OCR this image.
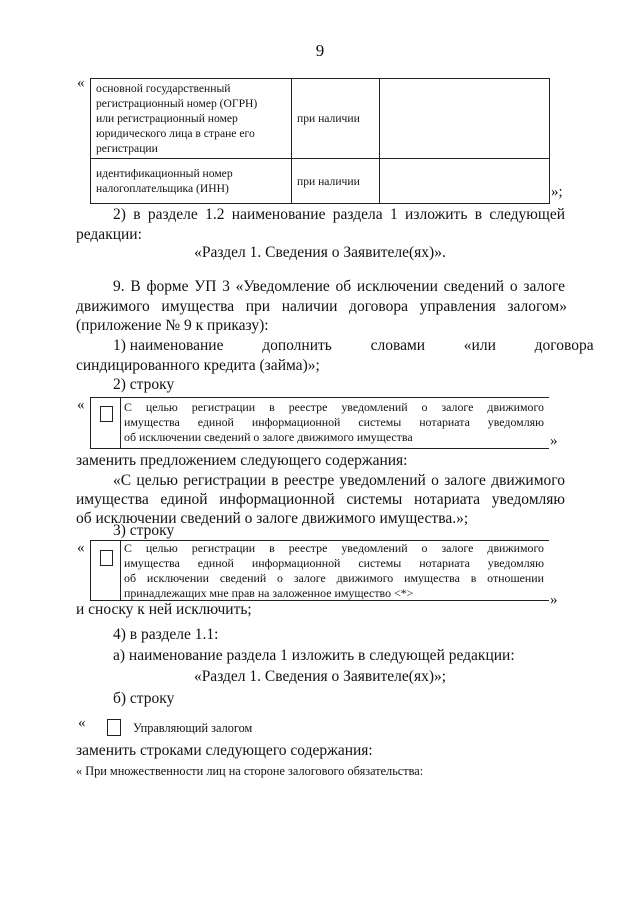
9
« основной государственный
регистрационный номер (ОГРН)
или регистрационный номер
юридического лица в стране его
регистрации	при наличии	

идентификационный номер
налогоплательщика (ИНН)	при наличии	
»;
2) в разделе 1.2 наименование раздела 1 изложить в следующей
редакции:
«Раздел 1. Сведения о Заявителе(ях)».
9. В форме УП 3 «Уведомление об исключении сведений о залоге
движимого   имущества   при   наличии   договора   управления   залогом»
(приложение № 9 к приказу):
1) наименование          дополнить          словами          «или          договора
синдицированного кредита (займа)»;
2) строку
«	С целью регистрации в реестре уведомлений о залоге движимого
имущества единой информационной системы нотариата уведомляю
об исключении сведений о залоге движимого имущества	»
заменить предложением следующего содержания:
«С целью регистрации в реестре уведомлений о залоге движимого
имущества   единой   информационной   системы   нотариата   уведомляю
об исключении сведений о залоге движимого имущества.»;
3) строку
«	С целью регистрации в реестре уведомлений о залоге движимого
имущества единой информационной системы нотариата уведомляю
об исключении сведений о залоге движимого имущества в отношении
принадлежащих мне прав на заложенное имущество <*>	»
и сноску к ней исключить;
4) в разделе 1.1:
а) наименование раздела 1 изложить в следующей редакции:
«Раздел 1. Сведения о Заявителе(ях)»;
б) строку
«	Управляющий залогом
заменить строками следующего содержания:
« При множественности лиц на стороне залогового обязательства:
